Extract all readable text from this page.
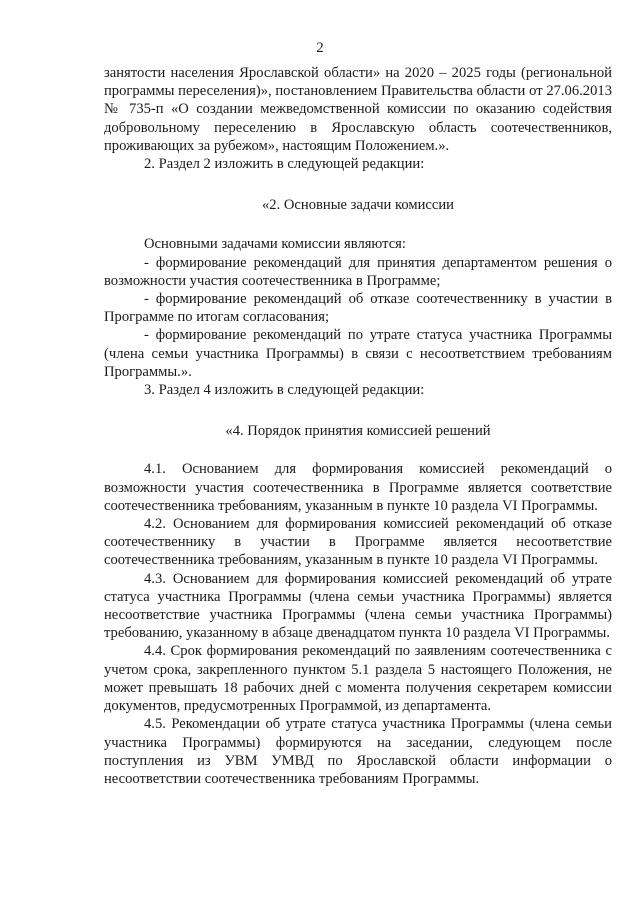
2

занятости населения Ярославской области» на 2020 – 2025 годы (региональной программы переселения)», постановлением Правительства области от 27.06.2013 № 735-п «О создании межведомственной комиссии по оказанию содействия добровольному переселению в Ярославскую область соотечественников, проживающих за рубежом», настоящим Положением.».

2. Раздел 2 изложить в следующей редакции:

«2. Основные задачи комиссии

Основными задачами комиссии являются:

- формирование рекомендаций для принятия департаментом решения о возможности участия соотечественника в Программе;

- формирование рекомендаций об отказе соотечественнику в участии в Программе по итогам согласования;

- формирование рекомендаций по утрате статуса участника Программы (члена семьи участника Программы) в связи с несоответствием требованиям Программы.».

3. Раздел 4 изложить в следующей редакции:

«4. Порядок принятия комиссией решений

4.1. Основанием для формирования комиссией рекомендаций о возможности участия соотечественника в Программе является соответствие соотечественника требованиям, указанным в пункте 10 раздела VI Программы.

4.2. Основанием для формирования комиссией рекомендаций об отказе соотечественнику в участии в Программе является несоответствие соотечественника требованиям, указанным в пункте 10 раздела VI Программы.

4.3. Основанием для формирования комиссией рекомендаций об утрате статуса участника Программы (члена семьи участника Программы) является несоответствие участника Программы (члена семьи участника Программы) требованию, указанному в абзаце двенадцатом пункта 10 раздела VI Программы.

4.4. Срок формирования рекомендаций по заявлениям соотечественника с учетом срока, закрепленного пунктом 5.1 раздела 5 настоящего Положения, не может превышать 18 рабочих дней с момента получения секретарем комиссии документов, предусмотренных Программой, из департамента.

4.5. Рекомендации об утрате статуса участника Программы (члена семьи участника Программы) формируются на заседании, следующем после поступления из УВМ УМВД по Ярославской области информации о несоответствии соотечественника требованиям Программы.
